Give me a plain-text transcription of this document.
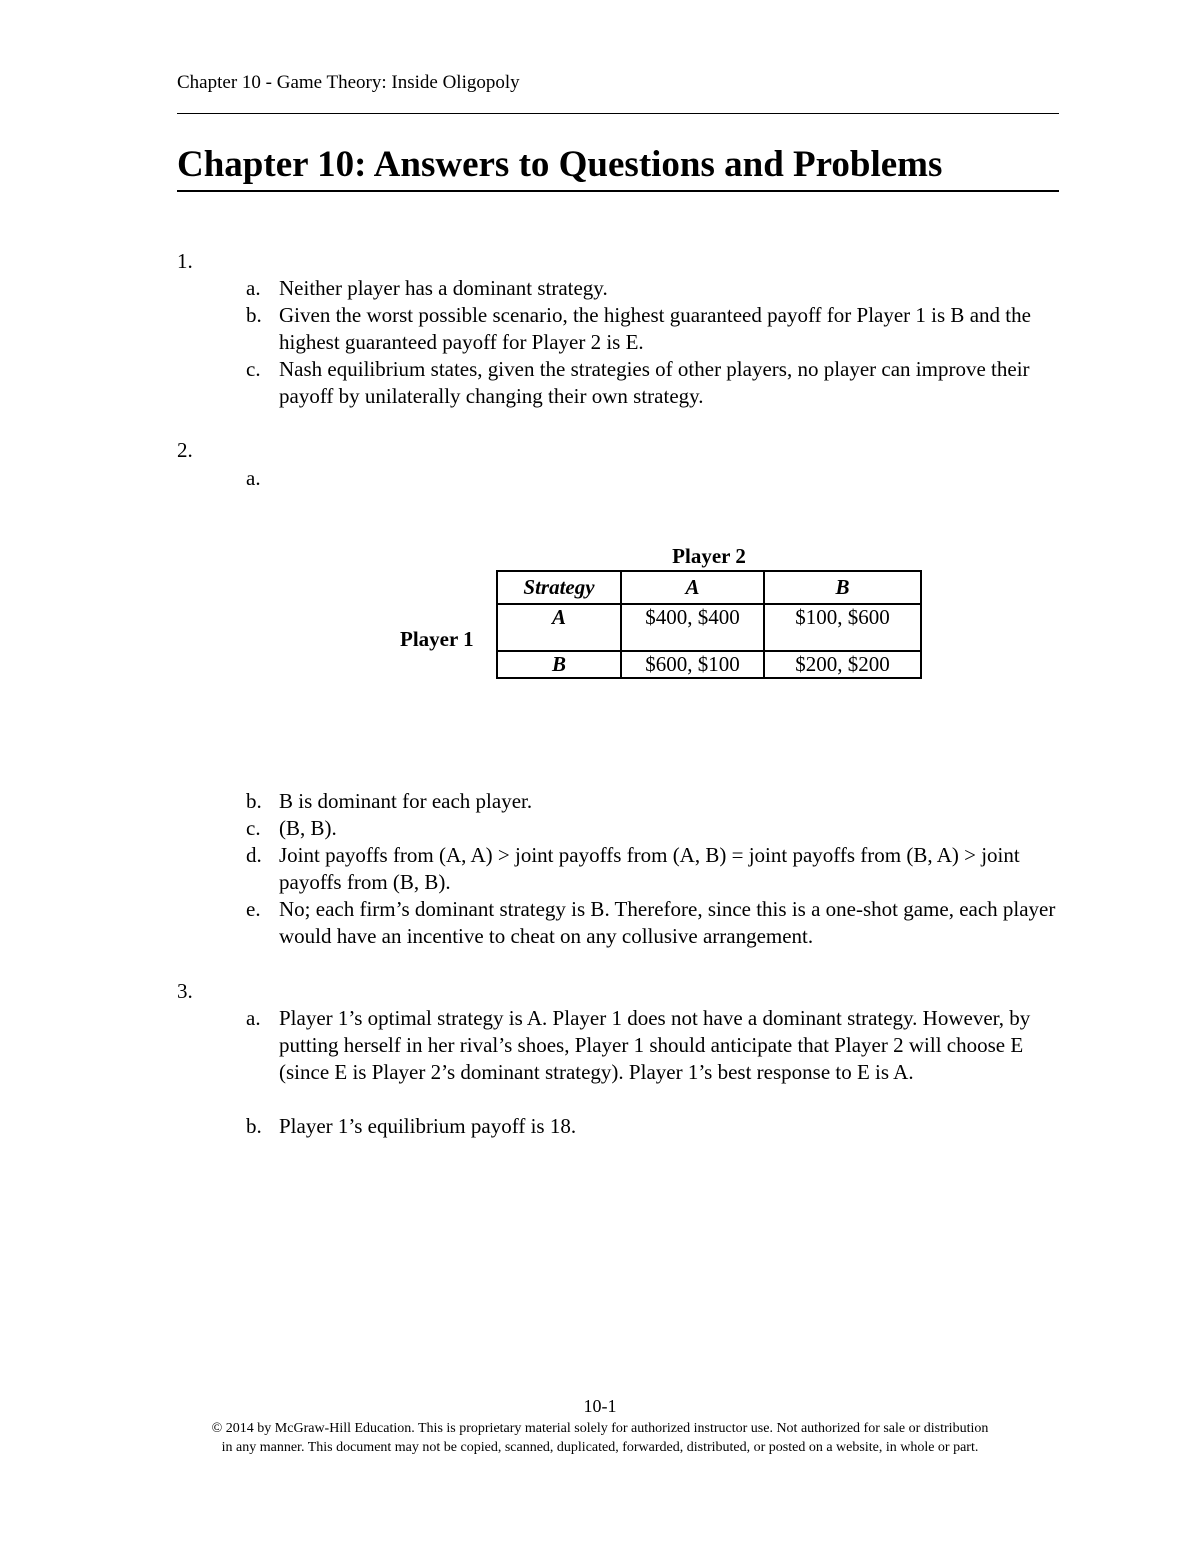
Chapter 10 - Game Theory: Inside Oligopoly
Chapter 10: Answers to Questions and Problems
1.
a. Neither player has a dominant strategy.
b. Given the worst possible scenario, the highest guaranteed payoff for Player 1 is B and the highest guaranteed payoff for Player 2 is E.
c. Nash equilibrium states, given the strategies of other players, no player can improve their payoff by unilaterally changing their own strategy.
2.
a.
Player 2
Player 1
Strategy	A	B
A	$400, $400	$100, $600
B	$600, $100	$200, $200
b. B is dominant for each player.
c. (B, B).
d. Joint payoffs from (A, A) > joint payoffs from (A, B) = joint payoffs from (B, A) > joint payoffs from (B, B).
e. No; each firm’s dominant strategy is B. Therefore, since this is a one-shot game, each player would have an incentive to cheat on any collusive arrangement.
3.
a. Player 1’s optimal strategy is A. Player 1 does not have a dominant strategy. However, by putting herself in her rival’s shoes, Player 1 should anticipate that Player 2 will choose E (since E is Player 2’s dominant strategy). Player 1’s best response to E is A.
b. Player 1’s equilibrium payoff is 18.
10-1
© 2014 by McGraw-Hill Education. This is proprietary material solely for authorized instructor use. Not authorized for sale or distribution
in any manner. This document may not be copied, scanned, duplicated, forwarded, distributed, or posted on a website, in whole or part.
